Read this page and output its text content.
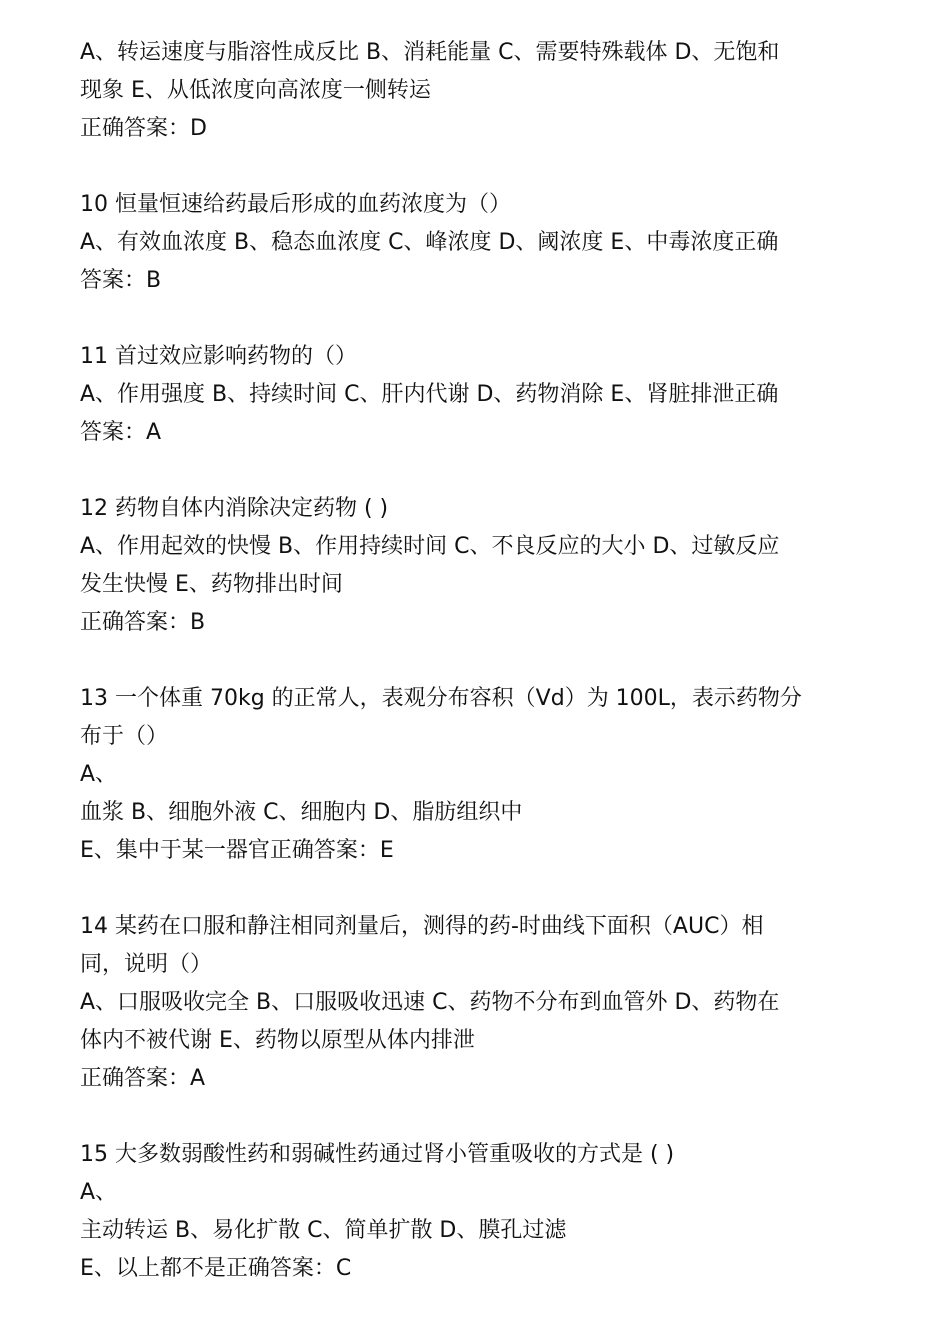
A、转运速度与脂溶性成反比 B、消耗能量 C、需要特殊载体 D、无饱和

现象 E、从低浓度向高浓度一侧转运

正确答案：D

10 恒量恒速给药最后形成的血药浓度为（）

A、有效血浓度 B、稳态血浓度 C、峰浓度 D、阈浓度 E、中毒浓度正确

答案：B

11 首过效应影响药物的（）

A、作用强度 B、持续时间 C、肝内代谢 D、药物消除 E、肾脏排泄正确

答案：A

12 药物自体内消除决定药物 ( )

A、作用起效的快慢 B、作用持续时间 C、不良反应的大小 D、过敏反应

发生快慢 E、药物排出时间

正确答案：B

13 一个体重 70kg 的正常人，表观分布容积（Vd）为 100L，表示药物分

布于（）

A、

血浆 B、细胞外液 C、细胞内 D、脂肪组织中

E、集中于某一器官正确答案：E

14 某药在口服和静注相同剂量后，测得的药-时曲线下面积（AUC）相

同，说明（）

A、口服吸收完全 B、口服吸收迅速 C、药物不分布到血管外 D、药物在

体内不被代谢 E、药物以原型从体内排泄

正确答案：A

15 大多数弱酸性药和弱碱性药通过肾小管重吸收的方式是 ( )

A、

主动转运 B、易化扩散 C、简单扩散 D、膜孔过滤

E、以上都不是正确答案：C
